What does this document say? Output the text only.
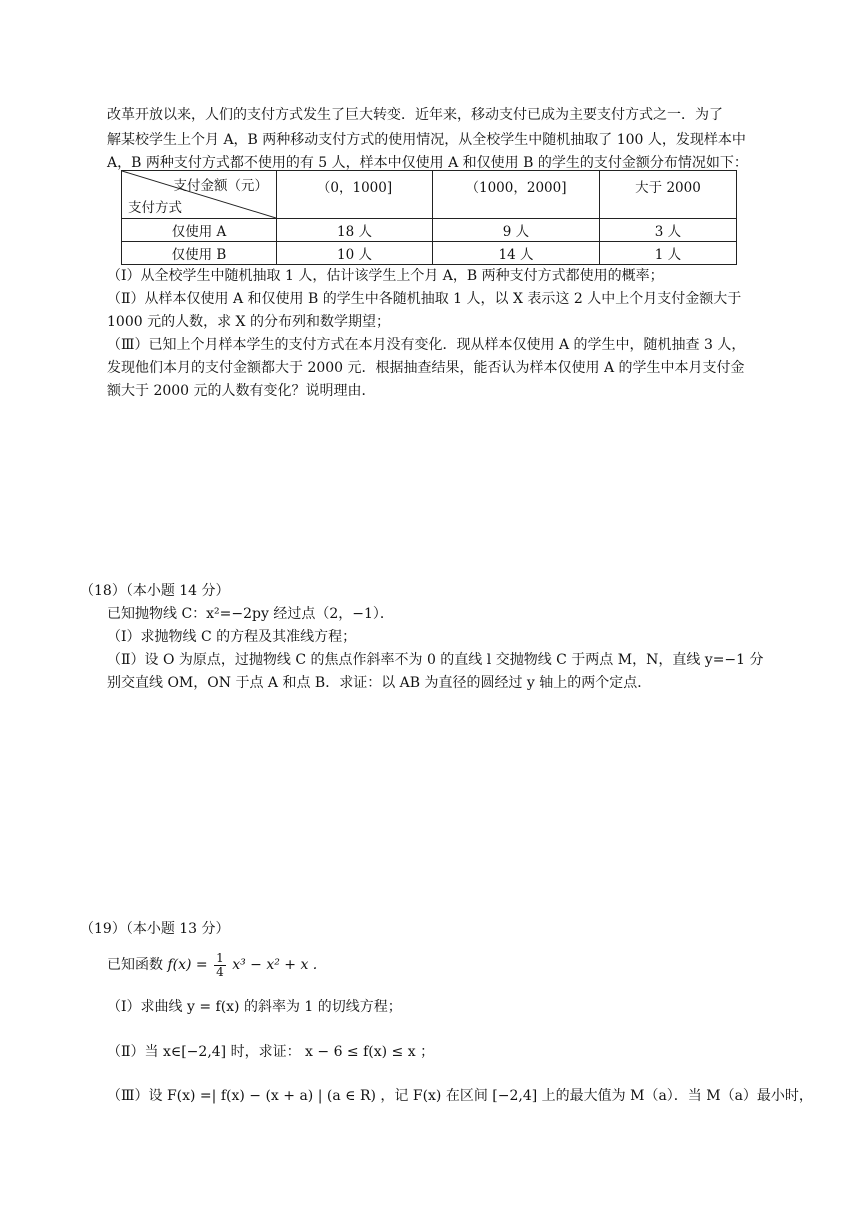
改革开放以来，人们的支付方式发生了巨大转变．近年来，移动支付已成为主要支付方式之一．为了
解某校学生上个月 A，B 两种移动支付方式的使用情况，从全校学生中随机抽取了 100 人，发现样本中
A，B 两种支付方式都不使用的有 5 人，样本中仅使用 A 和仅使用 B 的学生的支付金额分布情况如下：
支付金额（元）
支付方式	（0，1000]	（1000，2000]	大于 2000
仅使用 A	18 人	9 人	3 人
仅使用 B	10 人	14 人	1 人
（Ⅰ）从全校学生中随机抽取 1 人，估计该学生上个月 A，B 两种支付方式都使用的概率；
（Ⅱ）从样本仅使用 A 和仅使用 B 的学生中各随机抽取 1 人，以 X 表示这 2 人中上个月支付金额大于
1000 元的人数，求 X 的分布列和数学期望；
（Ⅲ）已知上个月样本学生的支付方式在本月没有变化．现从样本仅使用 A 的学生中，随机抽查 3 人，
发现他们本月的支付金额都大于 2000 元．根据抽查结果，能否认为样本仅使用 A 的学生中本月支付金
额大于 2000 元的人数有变化？说明理由．
（18）（本小题 14 分）
已知抛物线 C：x²=−2py 经过点（2，−1）．
（Ⅰ）求抛物线 C 的方程及其准线方程；
（Ⅱ）设 O 为原点，过抛物线 C 的焦点作斜率不为 0 的直线 l 交抛物线 C 于两点 M，N，直线 y=−1 分
别交直线 OM，ON 于点 A 和点 B．求证：以 AB 为直径的圆经过 y 轴上的两个定点．
（19）（本小题 13 分）
已知函数 $f(x) = \frac{1}{4} x^3 - x^2 + x$ .
（Ⅰ）求曲线 y = f(x) 的斜率为 1 的切线方程；
（Ⅱ）当 x∈[−2,4] 时，求证： x − 6 ≤ f(x) ≤ x ；
（Ⅲ）设 F(x) =| f(x) − (x + a) | (a ∈ R) ，记 F(x) 在区间 [−2,4] 上的最大值为 M（a）．当 M（a）最小时，
